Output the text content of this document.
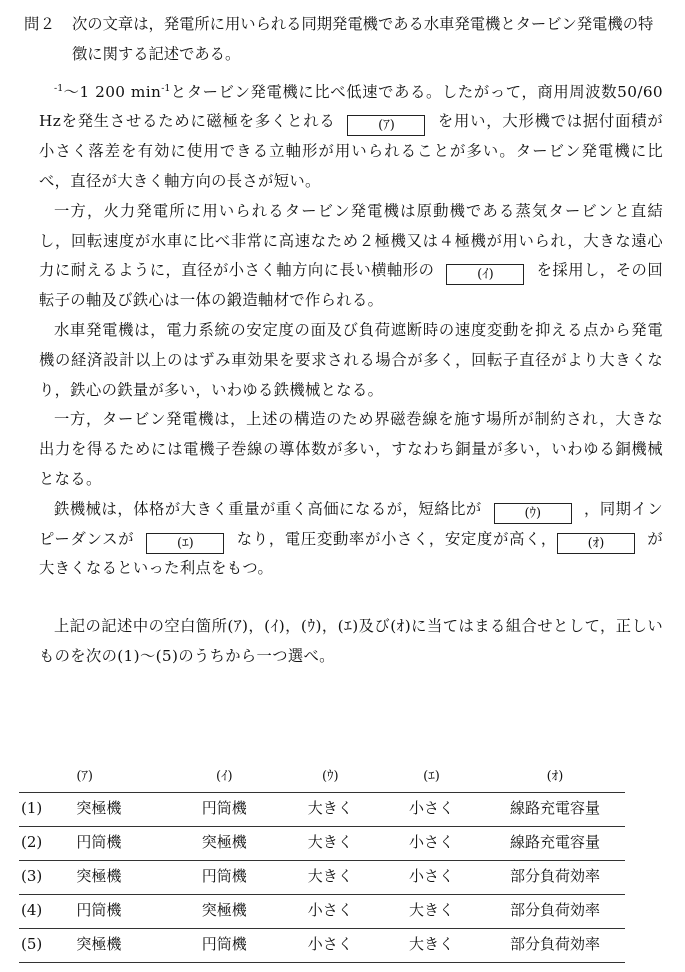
問２ 次の文章は，発電所に用いられる同期発電機である水車発電機とタービン発電機の特徴に関する記述である。

$^{-1}$～1 200 $\min^{-1}$とタービン発電機に比べ低速である。したがって，商用周波数50/60 Hzを発生させるために磁極を多くとれる	(ｱ)	を用い，大形機では据付面積が小さく落差を有効に使用できる立軸形が用いられることが多い。タービン発電機に比べ，直径が大きく軸方向の長さが短い。

一方，火力発電所に用いられるタービン発電機は原動機である蒸気タービンと直結し，回転速度が水車に比べ非常に高速なため２極機又は４極機が用いられ，大きな遠心力に耐えるように，直径が小さく軸方向に長い横軸形の	(ｲ)	を採用し，その回転子の軸及び鉄心は一体の鍛造軸材で作られる。

水車発電機は，電力系統の安定度の面及び負荷遮断時の速度変動を抑える点から発電機の経済設計以上のはずみ車効果を要求される場合が多く，回転子直径がより大きくなり，鉄心の鉄量が多い，いわゆる鉄機械となる。

一方，タービン発電機は，上述の構造のため界磁巻線を施す場所が制約され，大きな出力を得るためには電機子巻線の導体数が多い，すなわち銅量が多い，いわゆる銅機械となる。

鉄機械は，体格が大きく重量が重く高価になるが，短絡比が	(ｳ)	，同期インピーダンスが	(ｴ)	なり，電圧変動率が小さく，安定度が高く， (ｵ)	が大きくなるといった利点をもつ。

上記の記述中の空白箇所(ｱ)，(ｲ)，(ｳ)，(ｴ)及び(ｵ)に当てはまる組合せとして，正しいものを次の(1)～(5)のうちから一つ選べ。

	(ｱ)	(ｲ)	(ｳ)	(ｴ)	(ｵ)
(1)	突極機	円筒機	大きく	小さく	線路充電容量
(2)	円筒機	突極機	大きく	小さく	線路充電容量
(3)	突極機	円筒機	大きく	小さく	部分負荷効率
(4)	円筒機	突極機	小さく	大きく	部分負荷効率
(5)	突極機	円筒機	小さく	大きく	部分負荷効率
